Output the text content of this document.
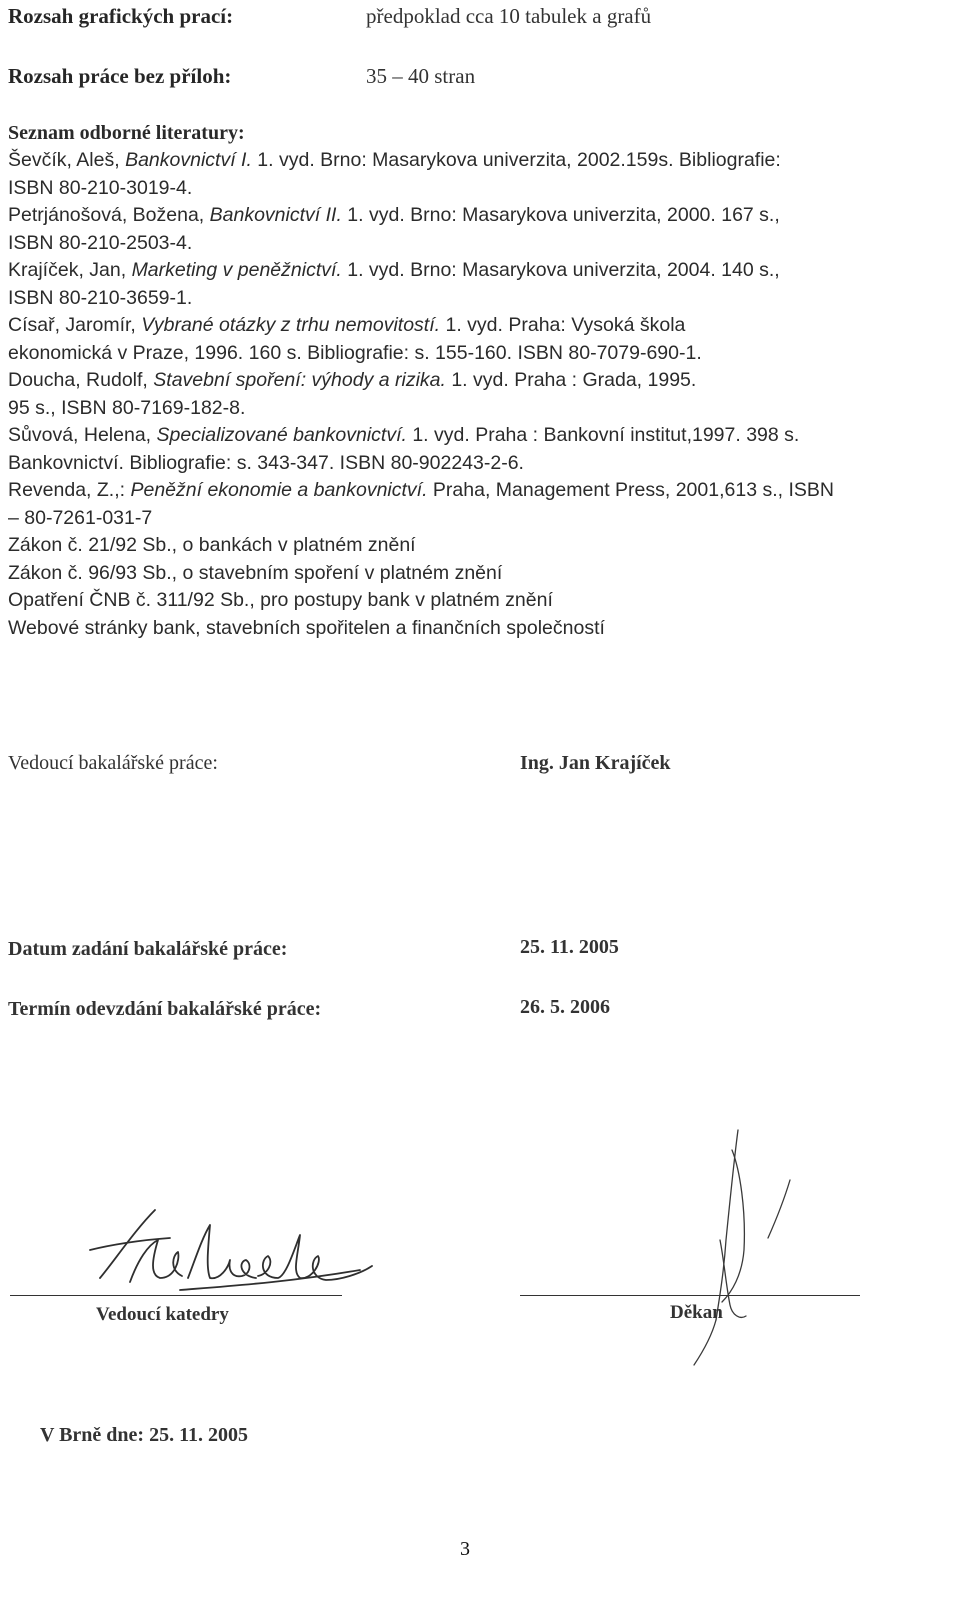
Rozsah grafických prací:	předpoklad cca 10 tabulek a grafů
Rozsah práce bez příloh:	35 – 40 stran
Seznam odborné literatury:
Ševčík, Aleš, Bankovnictví I. 1. vyd. Brno: Masarykova univerzita, 2002.159s. Bibliografie:
ISBN 80-210-3019-4.
Petrjánošová, Božena, Bankovnictví II. 1. vyd. Brno: Masarykova univerzita, 2000. 167 s.,
ISBN 80-210-2503-4.
Krajíček, Jan, Marketing v peněžnictví. 1. vyd. Brno: Masarykova univerzita, 2004. 140 s.,
ISBN 80-210-3659-1.
Císař, Jaromír, Vybrané otázky z trhu nemovitostí. 1. vyd. Praha: Vysoká škola
ekonomická v Praze, 1996. 160 s. Bibliografie: s. 155-160. ISBN 80-7079-690-1.
Doucha, Rudolf, Stavební spoření: výhody a rizika. 1. vyd. Praha : Grada, 1995.
95 s., ISBN 80-7169-182-8.
Sůvová, Helena, Specializované bankovnictví. 1. vyd. Praha : Bankovní institut,1997. 398 s.
Bankovnictví. Bibliografie: s. 343-347. ISBN 80-902243-2-6.
Revenda, Z.,: Peněžní ekonomie a bankovnictví. Praha, Management Press, 2001,613 s., ISBN
– 80-7261-031-7
Zákon č. 21/92 Sb., o bankách v platném znění
Zákon č. 96/93 Sb., o stavebním spoření v platném znění
Opatření ČNB č. 311/92 Sb., pro postupy bank v platném znění
Webové stránky bank, stavebních spořitelen a finančních společností
Vedoucí bakalářské práce:	Ing. Jan Krajíček
Datum zadání bakalářské práce:	25. 11. 2005
Termín odevzdání bakalářské práce:	26. 5. 2006
Vedoucí katedry	Děkan
V Brně dne: 25. 11. 2005
3
